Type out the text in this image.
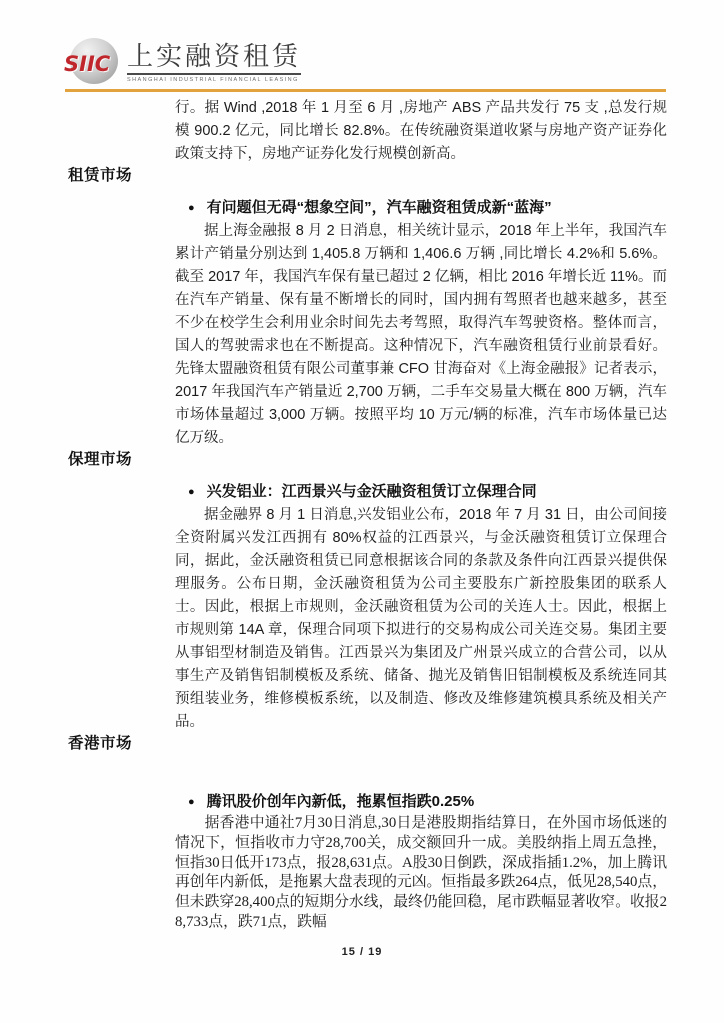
SIIC 上实融资租赁
SHANGHAI INDUSTRIAL FINANCIAL LEASING

行。据 Wind ,2018 年 1 月至 6 月 ,房地产 ABS 产品共发行 75 支 ,总发行规模 900.2 亿元，同比增长 82.8%。在传统融资渠道收紧与房地产资产证券化政策支持下，房地产证券化发行规模创新高。

租赁市场
● 有问题但无碍“想象空间”，汽车融资租赁成新“蓝海”

据上海金融报 8 月 2 日消息，相关统计显示，2018 年上半年，我国汽车累计产销量分别达到 1,405.8 万辆和 1,406.6 万辆 ,同比增长 4.2%和 5.6%。截至 2017 年，我国汽车保有量已超过 2 亿辆，相比 2016 年增长近 11%。而在汽车产销量、保有量不断增长的同时，国内拥有驾照者也越来越多，甚至不少在校学生会利用业余时间先去考驾照，取得汽车驾驶资格。整体而言，国人的驾驶需求也在不断提高。这种情况下，汽车融资租赁行业前景看好。先锋太盟融资租赁有限公司董事兼 CFO 甘海奋对《上海金融报》记者表示，2017 年我国汽车产销量近 2,700 万辆，二手车交易量大概在 800 万辆，汽车市场体量超过 3,000 万辆。按照平均 10 万元/辆的标准，汽车市场体量已达亿万级。

保理市场
● 兴发铝业：江西景兴与金沃融资租赁订立保理合同

据金融界 8 月 1 日消息,兴发铝业公布，2018 年 7 月 31 日，由公司间接全资附属兴发江西拥有 80%权益的江西景兴，与金沃融资租赁订立保理合同，据此，金沃融资租赁已同意根据该合同的条款及条件向江西景兴提供保理服务。公布日期，金沃融资租赁为公司主要股东广新控股集团的联系人士。因此，根据上市规则，金沃融资租赁为公司的关连人士。因此，根据上市规则第 14A 章，保理合同项下拟进行的交易构成公司关连交易。集团主要从事铝型材制造及销售。江西景兴为集团及广州景兴成立的合营公司，以从事生产及销售铝制模板及系统、储备、抛光及销售旧铝制模板及系统连同其预组装业务，维修模板系统，以及制造、修改及维修建筑模具系统及相关产品。

香港市场
● 腾讯股价创年內新低，拖累恒指跌0.25%

据香港中通社7月30日消息,30日是港股期指结算日，在外国市场低迷的情况下，恒指收市力守28,700关，成交额回升一成。美股纳指上周五急挫，恒指30日低开173点，报28,631点。A股30日倒跌，深成指插1.2%，加上腾讯再创年内新低，是拖累大盘表现的元凶。恒指最多跌264点，低见28,540点，但未跌穿28,400点的短期分水线，最终仍能回稳，尾市跌幅显著收窄。收报28,733点，跌71点，跌幅

15 / 19
